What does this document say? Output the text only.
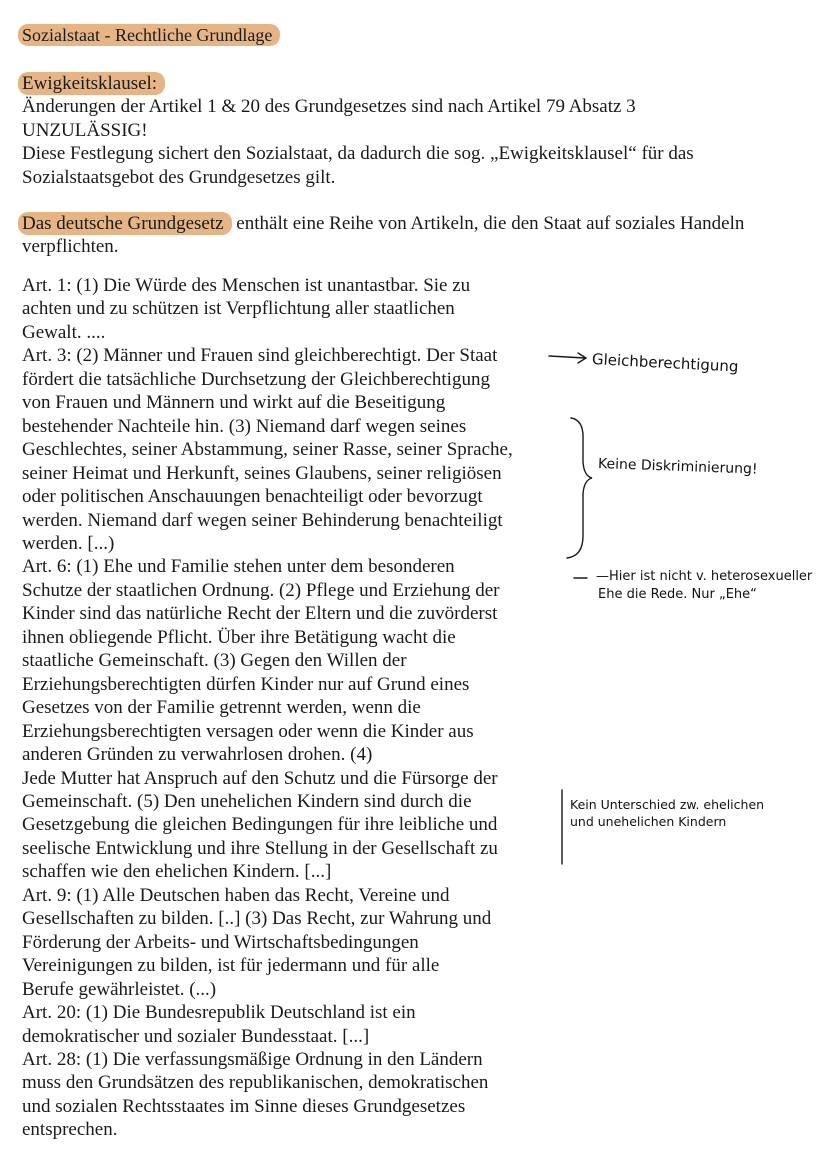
Sozialstaat - Rechtliche Grundlage
Ewigkeitsklausel:
Änderungen der Artikel 1 & 20 des Grundgesetzes sind nach Artikel 79 Absatz 3
UNZULÄSSIG!
Diese Festlegung sichert den Sozialstaat, da dadurch die sog. „Ewigkeitsklausel“ für das
Sozialstaatsgebot des Grundgesetzes gilt.
Das deutsche Grundgesetz enthält eine Reihe von Artikeln, die den Staat auf soziales Handeln
verpflichten.
Art. 1: (1) Die Würde des Menschen ist unantastbar. Sie zu
achten und zu schützen ist Verpflichtung aller staatlichen
Gewalt. ....
Art. 3: (2) Männer und Frauen sind gleichberechtigt. Der Staat
fördert die tatsächliche Durchsetzung der Gleichberechtigung
von Frauen und Männern und wirkt auf die Beseitigung
bestehender Nachteile hin. (3) Niemand darf wegen seines
Geschlechtes, seiner Abstammung, seiner Rasse, seiner Sprache,
seiner Heimat und Herkunft, seines Glaubens, seiner religiösen
oder politischen Anschauungen benachteiligt oder bevorzugt
werden. Niemand darf wegen seiner Behinderung benachteiligt
werden. [...)
Art. 6: (1) Ehe und Familie stehen unter dem besonderen
Schutze der staatlichen Ordnung. (2) Pflege und Erziehung der
Kinder sind das natürliche Recht der Eltern und die zuvörderst
ihnen obliegende Pflicht. Über ihre Betätigung wacht die
staatliche Gemeinschaft. (3) Gegen den Willen der
Erziehungsberechtigten dürfen Kinder nur auf Grund eines
Gesetzes von der Familie getrennt werden, wenn die
Erziehungsberechtigten versagen oder wenn die Kinder aus
anderen Gründen zu verwahrlosen drohen. (4)
Jede Mutter hat Anspruch auf den Schutz und die Fürsorge der
Gemeinschaft. (5) Den unehelichen Kindern sind durch die
Gesetzgebung die gleichen Bedingungen für ihre leibliche und
seelische Entwicklung und ihre Stellung in der Gesellschaft zu
schaffen wie den ehelichen Kindern. [...]
Art. 9: (1) Alle Deutschen haben das Recht, Vereine und
Gesellschaften zu bilden. [..] (3) Das Recht, zur Wahrung und
Förderung der Arbeits- und Wirtschaftsbedingungen
Vereinigungen zu bilden, ist für jedermann und für alle
Berufe gewährleistet. (...)
Art. 20: (1) Die Bundesrepublik Deutschland ist ein
demokratischer und sozialer Bundesstaat. [...]
Art. 28: (1) Die verfassungsmäßige Ordnung in den Ländern
muss den Grundsätzen des republikanischen, demokratischen
und sozialen Rechtsstaates im Sinne dieses Grundgesetzes
entsprechen.
Gleichberechtigung
Keine Diskriminierung!
—Hier ist nicht v. heterosexueller
Ehe die Rede. Nur „Ehe“
Kein Unterschied zw. ehelichen
und unehelichen Kindern
